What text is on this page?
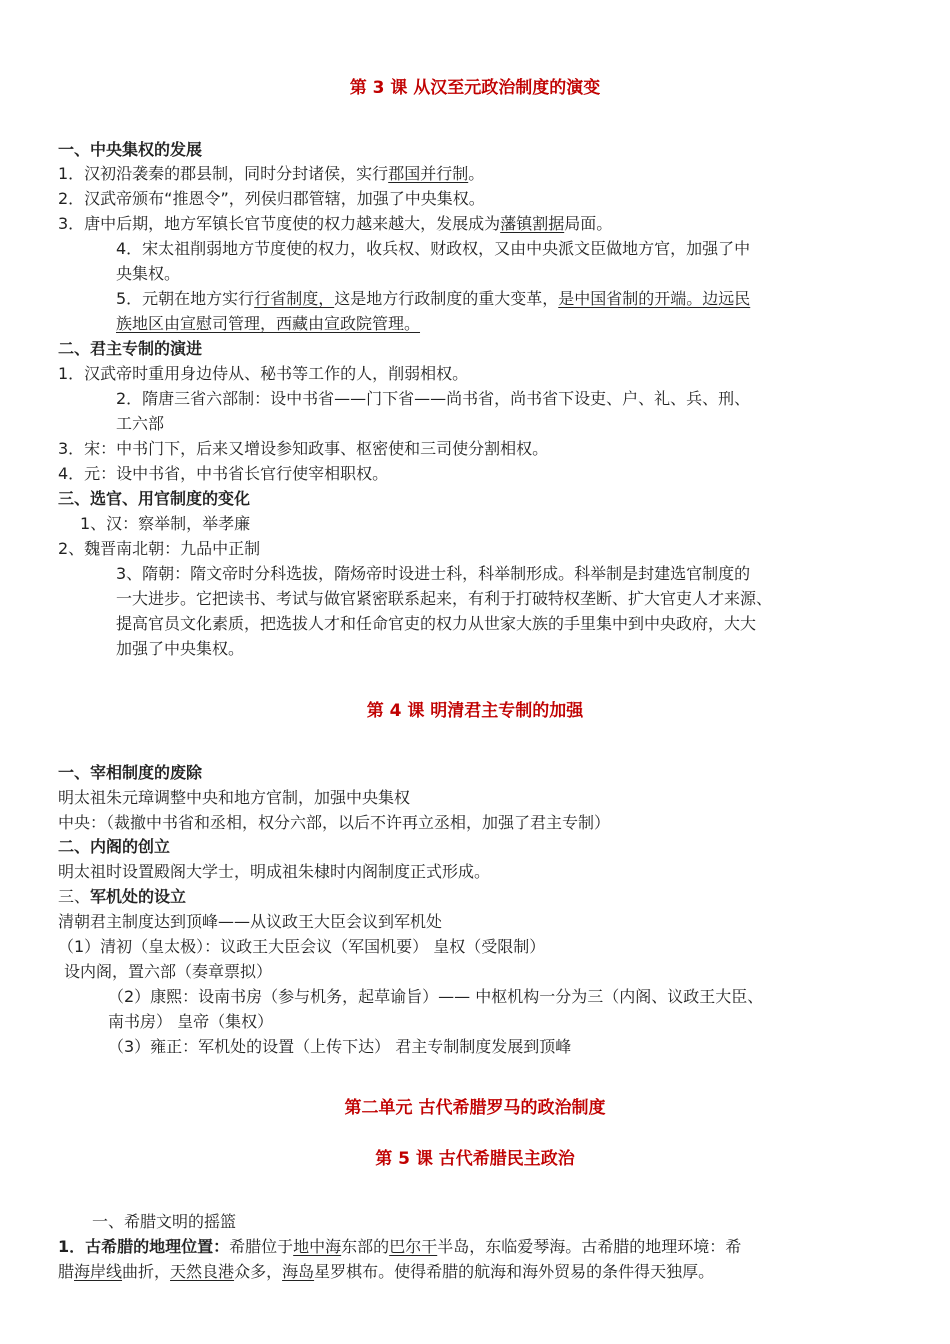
第 3 课 从汉至元政治制度的演变

一、中央集权的发展

1．汉初沿袭秦的郡县制，同时分封诸侯，实行郡国并行制。

2．汉武帝颁布“推恩令”，列侯归郡管辖，加强了中央集权。

3．唐中后期，地方军镇长官节度使的权力越来越大，发展成为藩镇割据局面。

4．宋太祖削弱地方节度使的权力，收兵权、财政权，又由中央派文臣做地方官，加强了中

央集权。

5．元朝在地方实行行省制度，这是地方行政制度的重大变革，是中国省制的开端。边远民

族地区由宣慰司管理，西藏由宣政院管理。

二、君主专制的演进

1．汉武帝时重用身边侍从、秘书等工作的人，削弱相权。

2．隋唐三省六部制：设中书省——门下省——尚书省，尚书省下设吏、户、礼、兵、刑、

工六部

3．宋：中书门下，后来又增设参知政事、枢密使和三司使分割相权。

4．元：设中书省，中书省长官行使宰相职权。

三、选官、用官制度的变化

1、汉：察举制，举孝廉

2、魏晋南北朝：九品中正制

3、隋朝：隋文帝时分科选拔，隋炀帝时设进士科，科举制形成。科举制是封建选官制度的

一大进步。它把读书、考试与做官紧密联系起来，有利于打破特权垄断、扩大官吏人才来源、

提高官员文化素质，把选拔人才和任命官吏的权力从世家大族的手里集中到中央政府，大大

加强了中央集权。

第 4 课 明清君主专制的加强

一、宰相制度的废除

明太祖朱元璋调整中央和地方官制，加强中央集权

中央：（裁撤中书省和丞相，权分六部，以后不许再立丞相，加强了君主专制）

二、内阁的创立

明太祖时设置殿阁大学士，明成祖朱棣时内阁制度正式形成。

三、军机处的设立

清朝君主制度达到顶峰——从议政王大臣会议到军机处

（1）清初（皇太极）：议政王大臣会议（军国机要） 皇权（受限制）

设内阁，置六部（奏章票拟）

（2）康熙：设南书房（参与机务，起草谕旨）—— 中枢机构一分为三（内阁、议政王大臣、

南书房） 皇帝（集权）

（3）雍正：军机处的设置（上传下达） 君主专制制度发展到顶峰

第二单元 古代希腊罗马的政治制度
第 5 课 古代希腊民主政治

一、希腊文明的摇篮

1．古希腊的地理位置：希腊位于地中海东部的巴尔干半岛，东临爱琴海。古希腊的地理环境：希

腊海岸线曲折，天然良港众多，海岛星罗棋布。使得希腊的航海和海外贸易的条件得天独厚。
